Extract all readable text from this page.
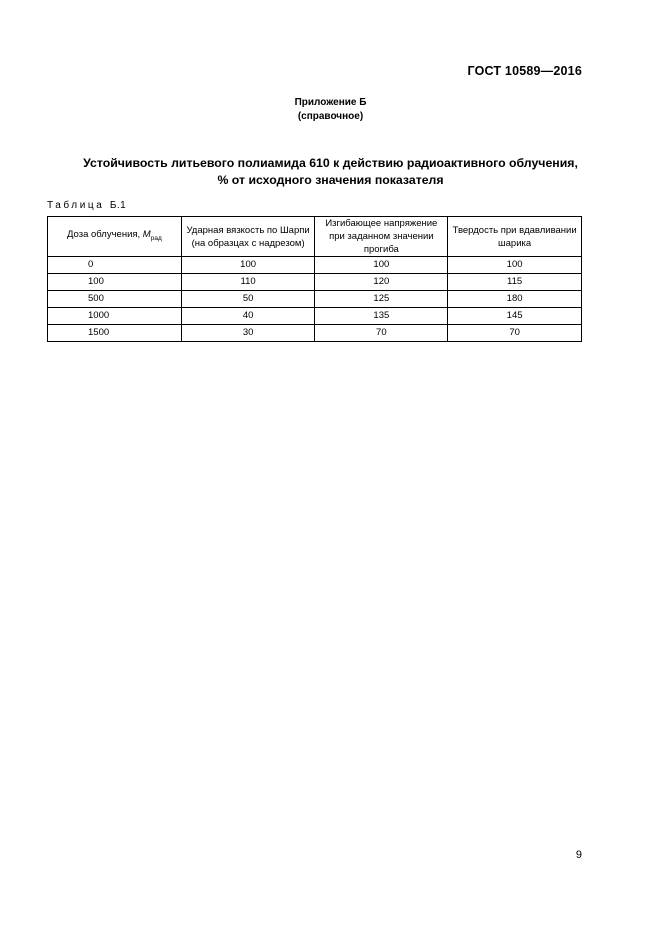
ГОСТ 10589—2016
Приложение Б
(справочное)
Устойчивость литьевого полиамида 610 к действию радиоактивного облучения,
% от исходного значения показателя
Таблица Б.1
Доза облучения, $M_{рад}$	Ударная вязкость по Шарпи (на образцах с надрезом)	Изгибающее напряжение при заданном значении прогиба	Твердость при вдавливании шарика
0	100	100	100
100	110	120	115
500	50	125	180
1000	40	135	145
1500	30	70	70
9
